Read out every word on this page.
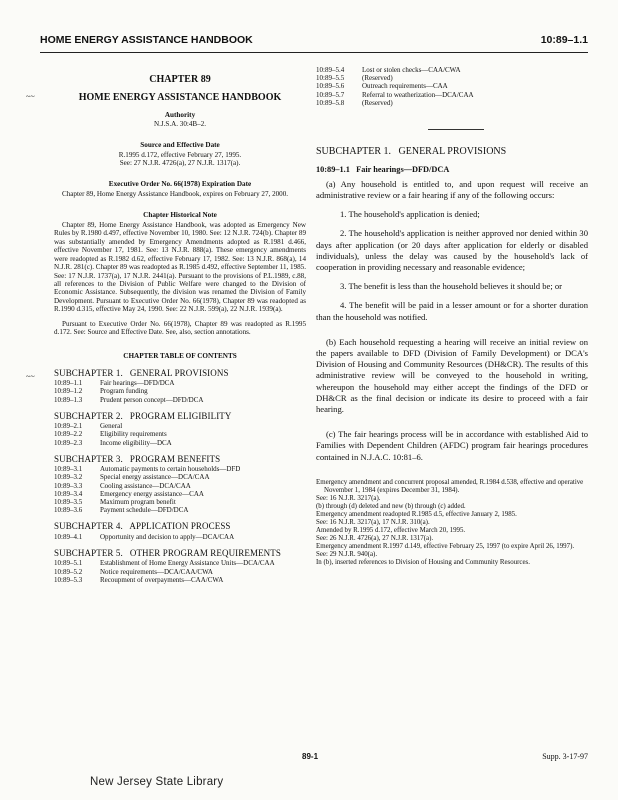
HOME ENERGY ASSISTANCE HANDBOOK	10:89–1.1
~~
~~
CHAPTER 89
HOME ENERGY ASSISTANCE HANDBOOK
Authority
N.J.S.A. 30:4B–2.
Source and Effective Date
R.1995 d.172, effective February 27, 1995.
See: 27 N.J.R. 4726(a), 27 N.J.R. 1317(a).
Executive Order No. 66(1978) Expiration Date

Chapter 89, Home Energy Assistance Handbook, expires on February 27, 2000.

Chapter Historical Note

Chapter 89, Home Energy Assistance Handbook, was adopted as Emergency New Rules by R.1980 d.497, effective November 10, 1980. See: 12 N.J.R. 724(b). Chapter 89 was substantially amended by Emergency Amendments adopted as R.1981 d.466, effective November 17, 1981. See: 13 N.J.R. 888(a). These emergency amendments were readopted as R.1982 d.62, effective February 17, 1982. See: 13 N.J.R. 868(a), 14 N.J.R. 281(c). Chapter 89 was readopted as R.1985 d.492, effective September 11, 1985. See: 17 N.J.R. 1737(a), 17 N.J.R. 2441(a). Pursuant to the provisions of P.L.1989, c.88, all references to the Division of Public Welfare were changed to the Division of Economic Assistance. Subsequently, the division was renamed the Division of Family Development. Pursuant to Executive Order No. 66(1978), Chapter 89 was readopted as R.1990 d.315, effective May 24, 1990. See: 22 N.J.R. 599(a), 22 N.J.R. 1939(a).

Pursuant to Executive Order No. 66(1978), Chapter 89 was readopted as R.1995 d.172. See: Source and Effective Date. See, also, section annotations.

CHAPTER TABLE OF CONTENTS
SUBCHAPTER 1.   GENERAL PROVISIONS
10:89–1.1	Fair hearings—DFD/DCA
10:89–1.2	Program funding
10:89–1.3	Prudent person concept—DFD/DCA
SUBCHAPTER 2.   PROGRAM ELIGIBILITY
10:89–2.1	General
10:89–2.2	Eligibility requirements
10:89–2.3	Income eligibility—DCA
SUBCHAPTER 3.   PROGRAM BENEFITS
10:89–3.1	Automatic payments to certain households—DFD
10:89–3.2	Special energy assistance—DCA/CAA
10:89–3.3	Cooling assistance—DCA/CAA
10:89–3.4	Emergency energy assistance—CAA
10:89–3.5	Maximum program benefit
10:89–3.6	Payment schedule—DFD/DCA
SUBCHAPTER 4.   APPLICATION PROCESS
10:89–4.1	Opportunity and decision to apply—DCA/CAA
SUBCHAPTER 5.   OTHER PROGRAM REQUIREMENTS
10:89–5.1	Establishment of Home Energy Assistance Units—DCA/CAA
10:89–5.2	Notice requirements—DCA/CAA/CWA
10:89–5.3	Recoupment of overpayments—CAA/CWA
10:89–5.4	Lost or stolen checks—CAA/CWA
10:89–5.5	(Reserved)
10:89–5.6	Outreach requirements—CAA
10:89–5.7	Referral to weatherization—DCA/CAA
10:89–5.8	(Reserved)
SUBCHAPTER 1.   GENERAL PROVISIONS
10:89–1.1 Fair hearings—DFD/DCA
(a) Any household is entitled to, and upon request will receive an administrative review or a fair hearing if any of the following occurs:
1. The household's application is denied;
2. The household's application is neither approved nor denied within 30 days after application (or 20 days after application for elderly or disabled individuals), unless the delay was caused by the household's lack of cooperation in providing necessary and reasonable evidence;
3. The benefit is less than the household believes it should be; or
4. The benefit will be paid in a lesser amount or for a shorter duration than the household was notified.
(b) Each household requesting a hearing will receive an initial review on the papers available to DFD (Division of Family Development) or DCA's Division of Housing and Community Resources (DH&CR). The results of this administrative review will be conveyed to the household in writing, whereupon the household may either accept the findings of the DFD or DH&CR as the final decision or indicate its desire to proceed with a fair hearing.
(c) The fair hearings process will be in accordance with established Aid to Families with Dependent Children (AFDC) program fair hearings procedures contained in N.J.A.C. 10:81–6.
Emergency amendment and concurrent proposal amended, R.1984 d.538, effective and operative November 1, 1984 (expires December 31, 1984).
See: 16 N.J.R. 3217(a).
(b) through (d) deleted and new (b) through (c) added.
Emergency amendment readopted R.1985 d.5, effective January 2, 1985.
See: 16 N.J.R. 3217(a), 17 N.J.R. 310(a).
Amended by R.1995 d.172, effective March 20, 1995.
See: 26 N.J.R. 4726(a), 27 N.J.R. 1317(a).
Emergency amendment R.1997 d.149, effective February 25, 1997 (to expire April 26, 1997).
See: 29 N.J.R. 940(a).
In (b), inserted references to Division of Housing and Community Resources.
89-1	Supp. 3-17-97
New Jersey State Library
